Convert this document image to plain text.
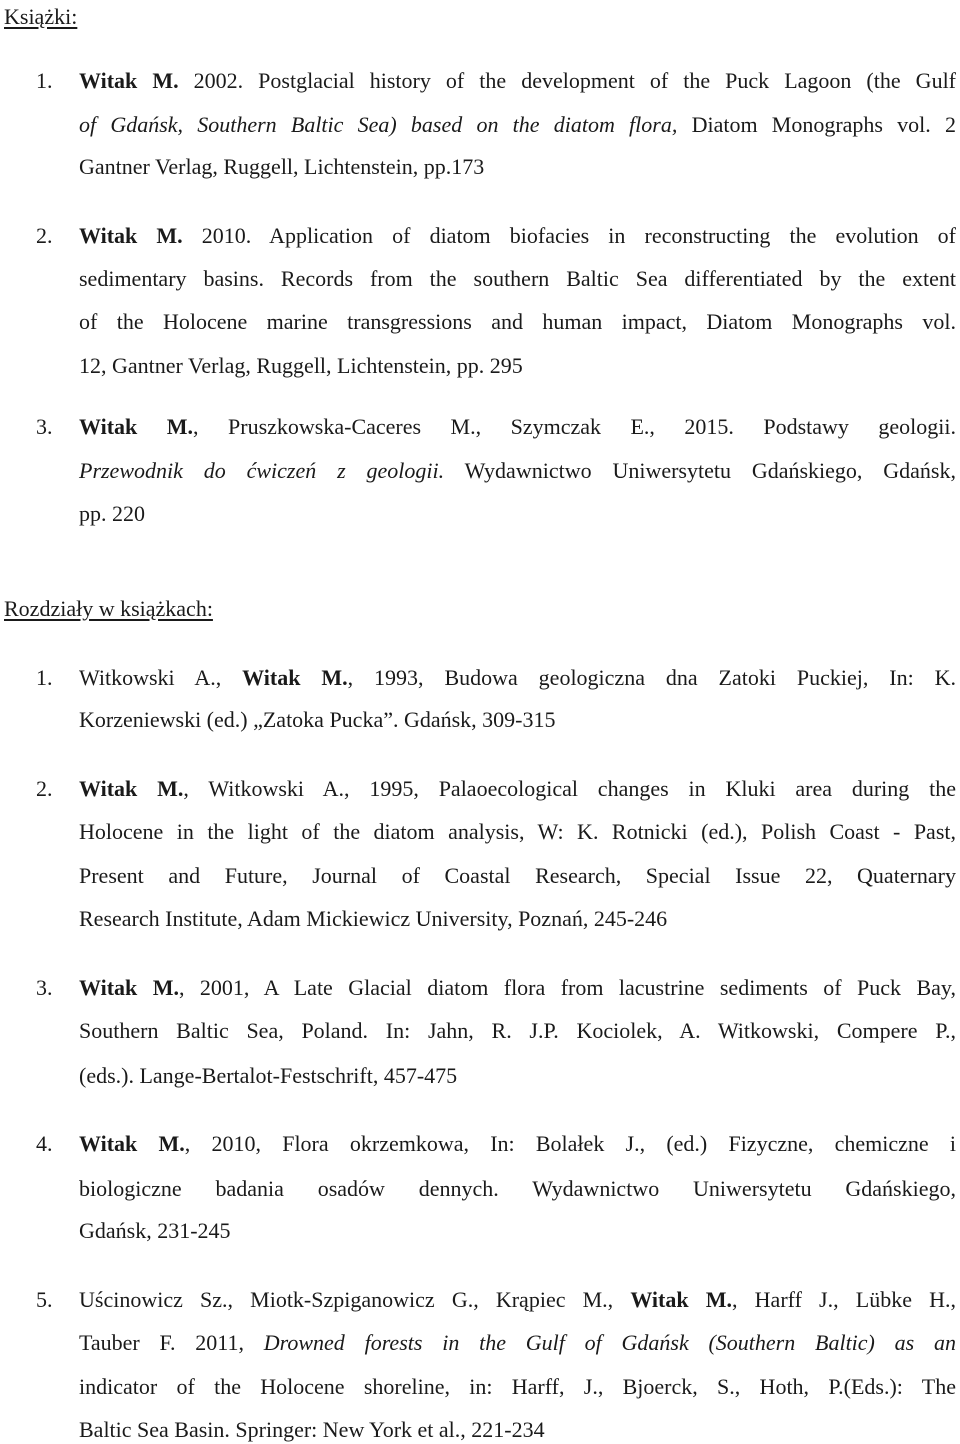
Książki:
1. Witak M. 2002. Postglacial history of the development of the Puck Lagoon (the Gulf
of Gdańsk, Southern Baltic Sea) based on the diatom flora, Diatom Monographs vol. 2
Gantner Verlag, Ruggell, Lichtenstein, pp.173
2. Witak M. 2010. Application of diatom biofacies in reconstructing the evolution of
sedimentary basins. Records from the southern Baltic Sea differentiated by the extent
of the Holocene marine transgressions and human impact, Diatom Monographs vol.
12, Gantner Verlag, Ruggell, Lichtenstein, pp. 295
3. Witak M., Pruszkowska-Caceres M., Szymczak E., 2015. Podstawy geologii.
Przewodnik do ćwiczeń z geologii. Wydawnictwo Uniwersytetu Gdańskiego, Gdańsk,
pp. 220
Rozdziały w książkach:
1. Witkowski A., Witak M., 1993, Budowa geologiczna dna Zatoki Puckiej, In: K.
Korzeniewski (ed.) „Zatoka Pucka”. Gdańsk, 309-315
2. Witak M., Witkowski A., 1995, Palaoecological changes in Kluki area during the
Holocene in the light of the diatom analysis, W: K. Rotnicki (ed.), Polish Coast - Past,
Present and Future, Journal of Coastal Research, Special Issue 22, Quaternary
Research Institute, Adam Mickiewicz University, Poznań, 245-246
3. Witak M., 2001, A Late Glacial diatom flora from lacustrine sediments of Puck Bay,
Southern Baltic Sea, Poland. In: Jahn, R. J.P. Kociolek, A. Witkowski, Compere P.,
(eds.). Lange-Bertalot-Festschrift, 457-475
4. Witak M., 2010, Flora okrzemkowa, In: Bolałek J., (ed.) Fizyczne, chemiczne i
biologiczne badania osadów dennych. Wydawnictwo Uniwersytetu Gdańskiego,
Gdańsk, 231-245
5. Uścinowicz Sz., Miotk-Szpiganowicz G., Krąpiec M., Witak M., Harff J., Lübke H.,
Tauber F. 2011, Drowned forests in the Gulf of Gdańsk (Southern Baltic) as an
indicator of the Holocene shoreline, in: Harff, J., Bjoerck, S., Hoth, P.(Eds.): The
Baltic Sea Basin. Springer: New York et al., 221-234
